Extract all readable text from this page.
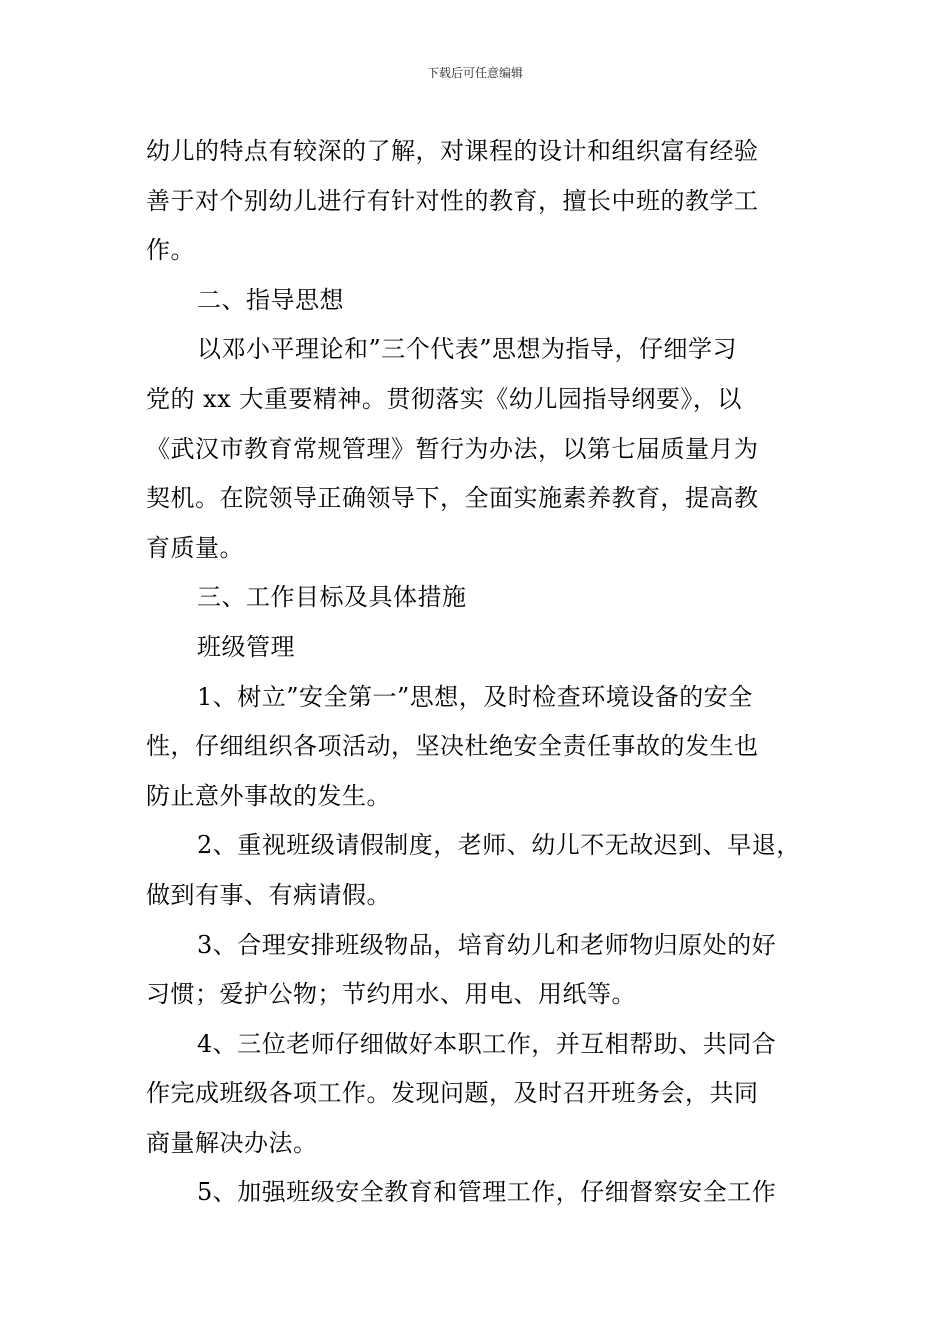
下载后可任意编辑

幼儿的特点有较深的了解，对课程的设计和组织富有经验
善于对个别幼儿进行有针对性的教育，擅长中班的教学工
作。

二、指导思想

以邓小平理论和”三个代表”思想为指导，仔细学习
党的 xx 大重要精神。贯彻落实《幼儿园指导纲要》，以
《武汉市教育常规管理》暂行为办法，以第七届质量月为
契机。在院领导正确领导下，全面实施素养教育，提高教
育质量。

三、工作目标及具体措施

班级管理

1、树立”安全第一”思想，及时检查环境设备的安全
性，仔细组织各项活动，坚决杜绝安全责任事故的发生也
防止意外事故的发生。

2、重视班级请假制度，老师、幼儿不无故迟到、早退，
做到有事、有病请假。

3、合理安排班级物品，培育幼儿和老师物归原处的好
习惯；爱护公物；节约用水、用电、用纸等。

4、三位老师仔细做好本职工作，并互相帮助、共同合
作完成班级各项工作。发现问题，及时召开班务会，共同
商量解决办法。

5、加强班级安全教育和管理工作，仔细督察安全工作
